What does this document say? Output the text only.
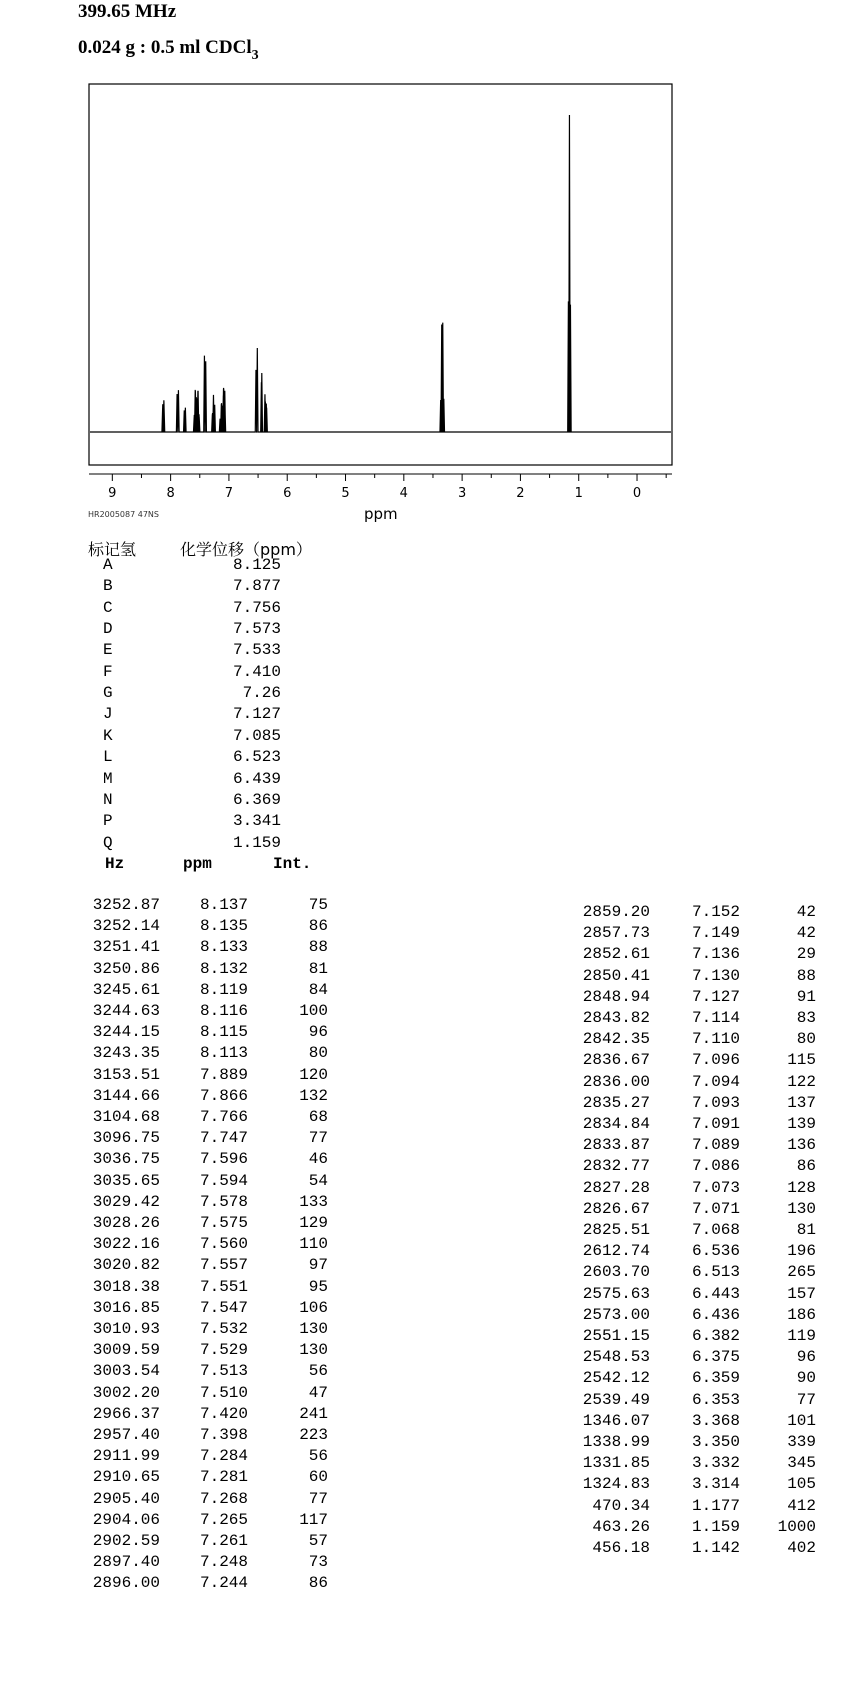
399.65 MHz
0.024 g : 0.5 ml CDCl$_3$
9	8	7	6	5	4	3	2	1	0
HR2005087 47NS	ppm
标记氢	化学位移（ppm）
A	8.125
B	7.877
C	7.756
D	7.573
E	7.533
F	7.410
G	7.26
J	7.127
K	7.085
L	6.523
M	6.439
N	6.369
P	3.341
Q	1.159
Hz	ppm	Int.
3252.87	8.137	75
3252.14	8.135	86
3251.41	8.133	88
3250.86	8.132	81
3245.61	8.119	84
3244.63	8.116	100
3244.15	8.115	96
3243.35	8.113	80
3153.51	7.889	120
3144.66	7.866	132
3104.68	7.766	68
3096.75	7.747	77
3036.75	7.596	46
3035.65	7.594	54
3029.42	7.578	133
3028.26	7.575	129
3022.16	7.560	110
3020.82	7.557	97
3018.38	7.551	95
3016.85	7.547	106
3010.93	7.532	130
3009.59	7.529	130
3003.54	7.513	56
3002.20	7.510	47
2966.37	7.420	241
2957.40	7.398	223
2911.99	7.284	56
2910.65	7.281	60
2905.40	7.268	77
2904.06	7.265	117
2902.59	7.261	57
2897.40	7.248	73
2896.00	7.244	86
2859.20	7.152	42
2857.73	7.149	42
2852.61	7.136	29
2850.41	7.130	88
2848.94	7.127	91
2843.82	7.114	83
2842.35	7.110	80
2836.67	7.096	115
2836.00	7.094	122
2835.27	7.093	137
2834.84	7.091	139
2833.87	7.089	136
2832.77	7.086	86
2827.28	7.073	128
2826.67	7.071	130
2825.51	7.068	81
2612.74	6.536	196
2603.70	6.513	265
2575.63	6.443	157
2573.00	6.436	186
2551.15	6.382	119
2548.53	6.375	96
2542.12	6.359	90
2539.49	6.353	77
1346.07	3.368	101
1338.99	3.350	339
1331.85	3.332	345
1324.83	3.314	105
470.34	1.177	412
463.26	1.159	1000
456.18	1.142	402
